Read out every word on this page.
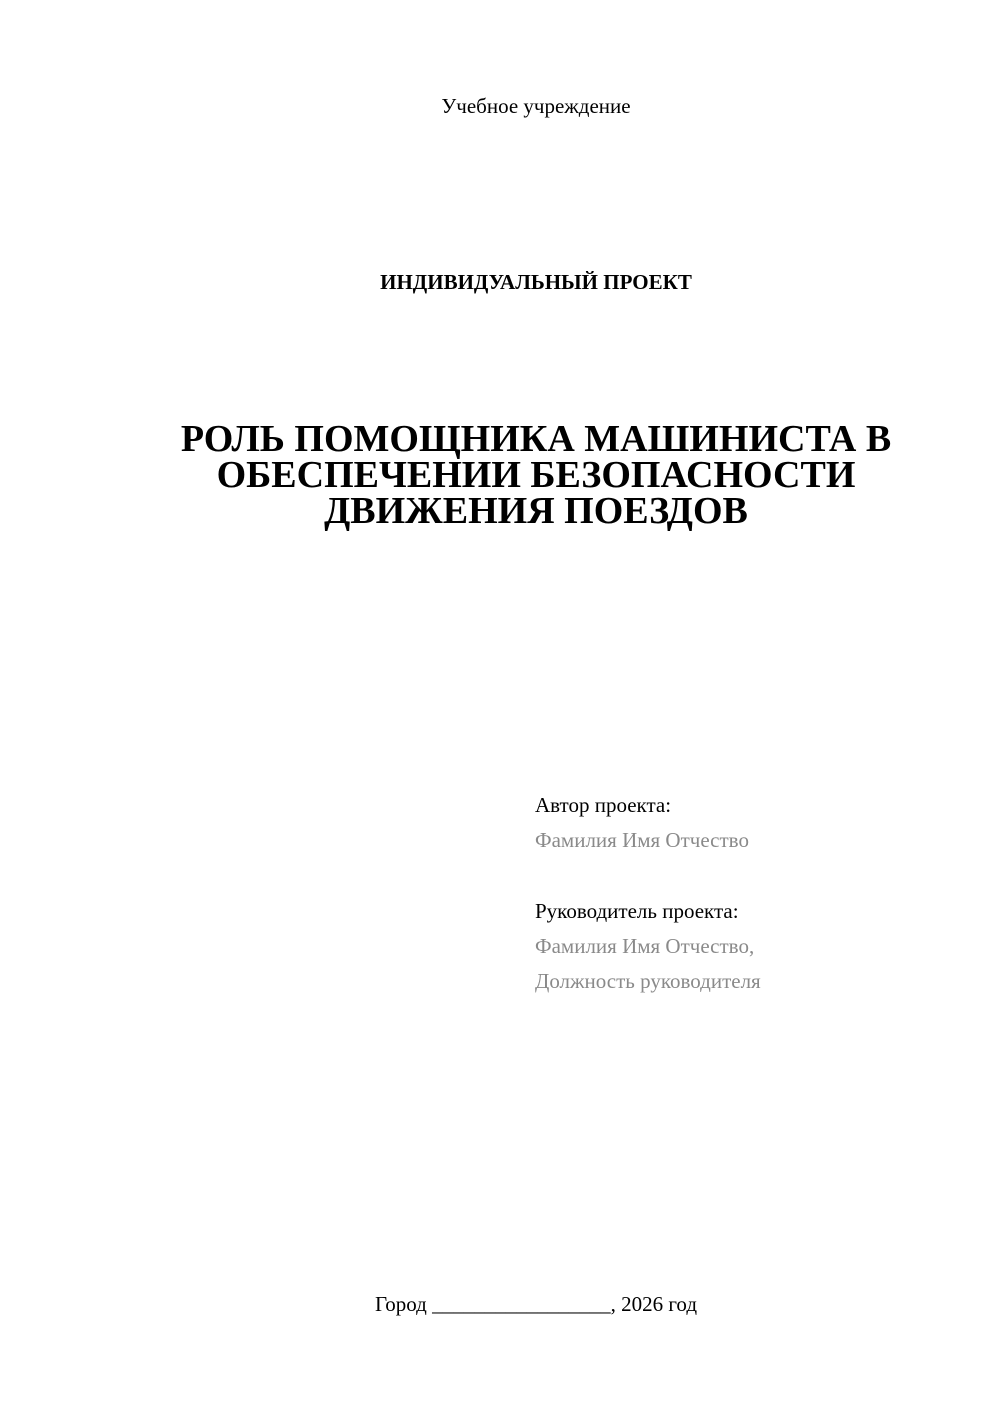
Учебное учреждение
ИНДИВИДУАЛЬНЫЙ ПРОЕКТ
РОЛЬ ПОМОЩНИКА МАШИНИСТА В
ОБЕСПЕЧЕНИИ БЕЗОПАСНОСТИ
ДВИЖЕНИЯ ПОЕЗДОВ
Автор проекта:
Фамилия Имя Отчество
Руководитель проекта:
Фамилия Имя Отчество,
Должность руководителя
Город _________________, 2026 год
